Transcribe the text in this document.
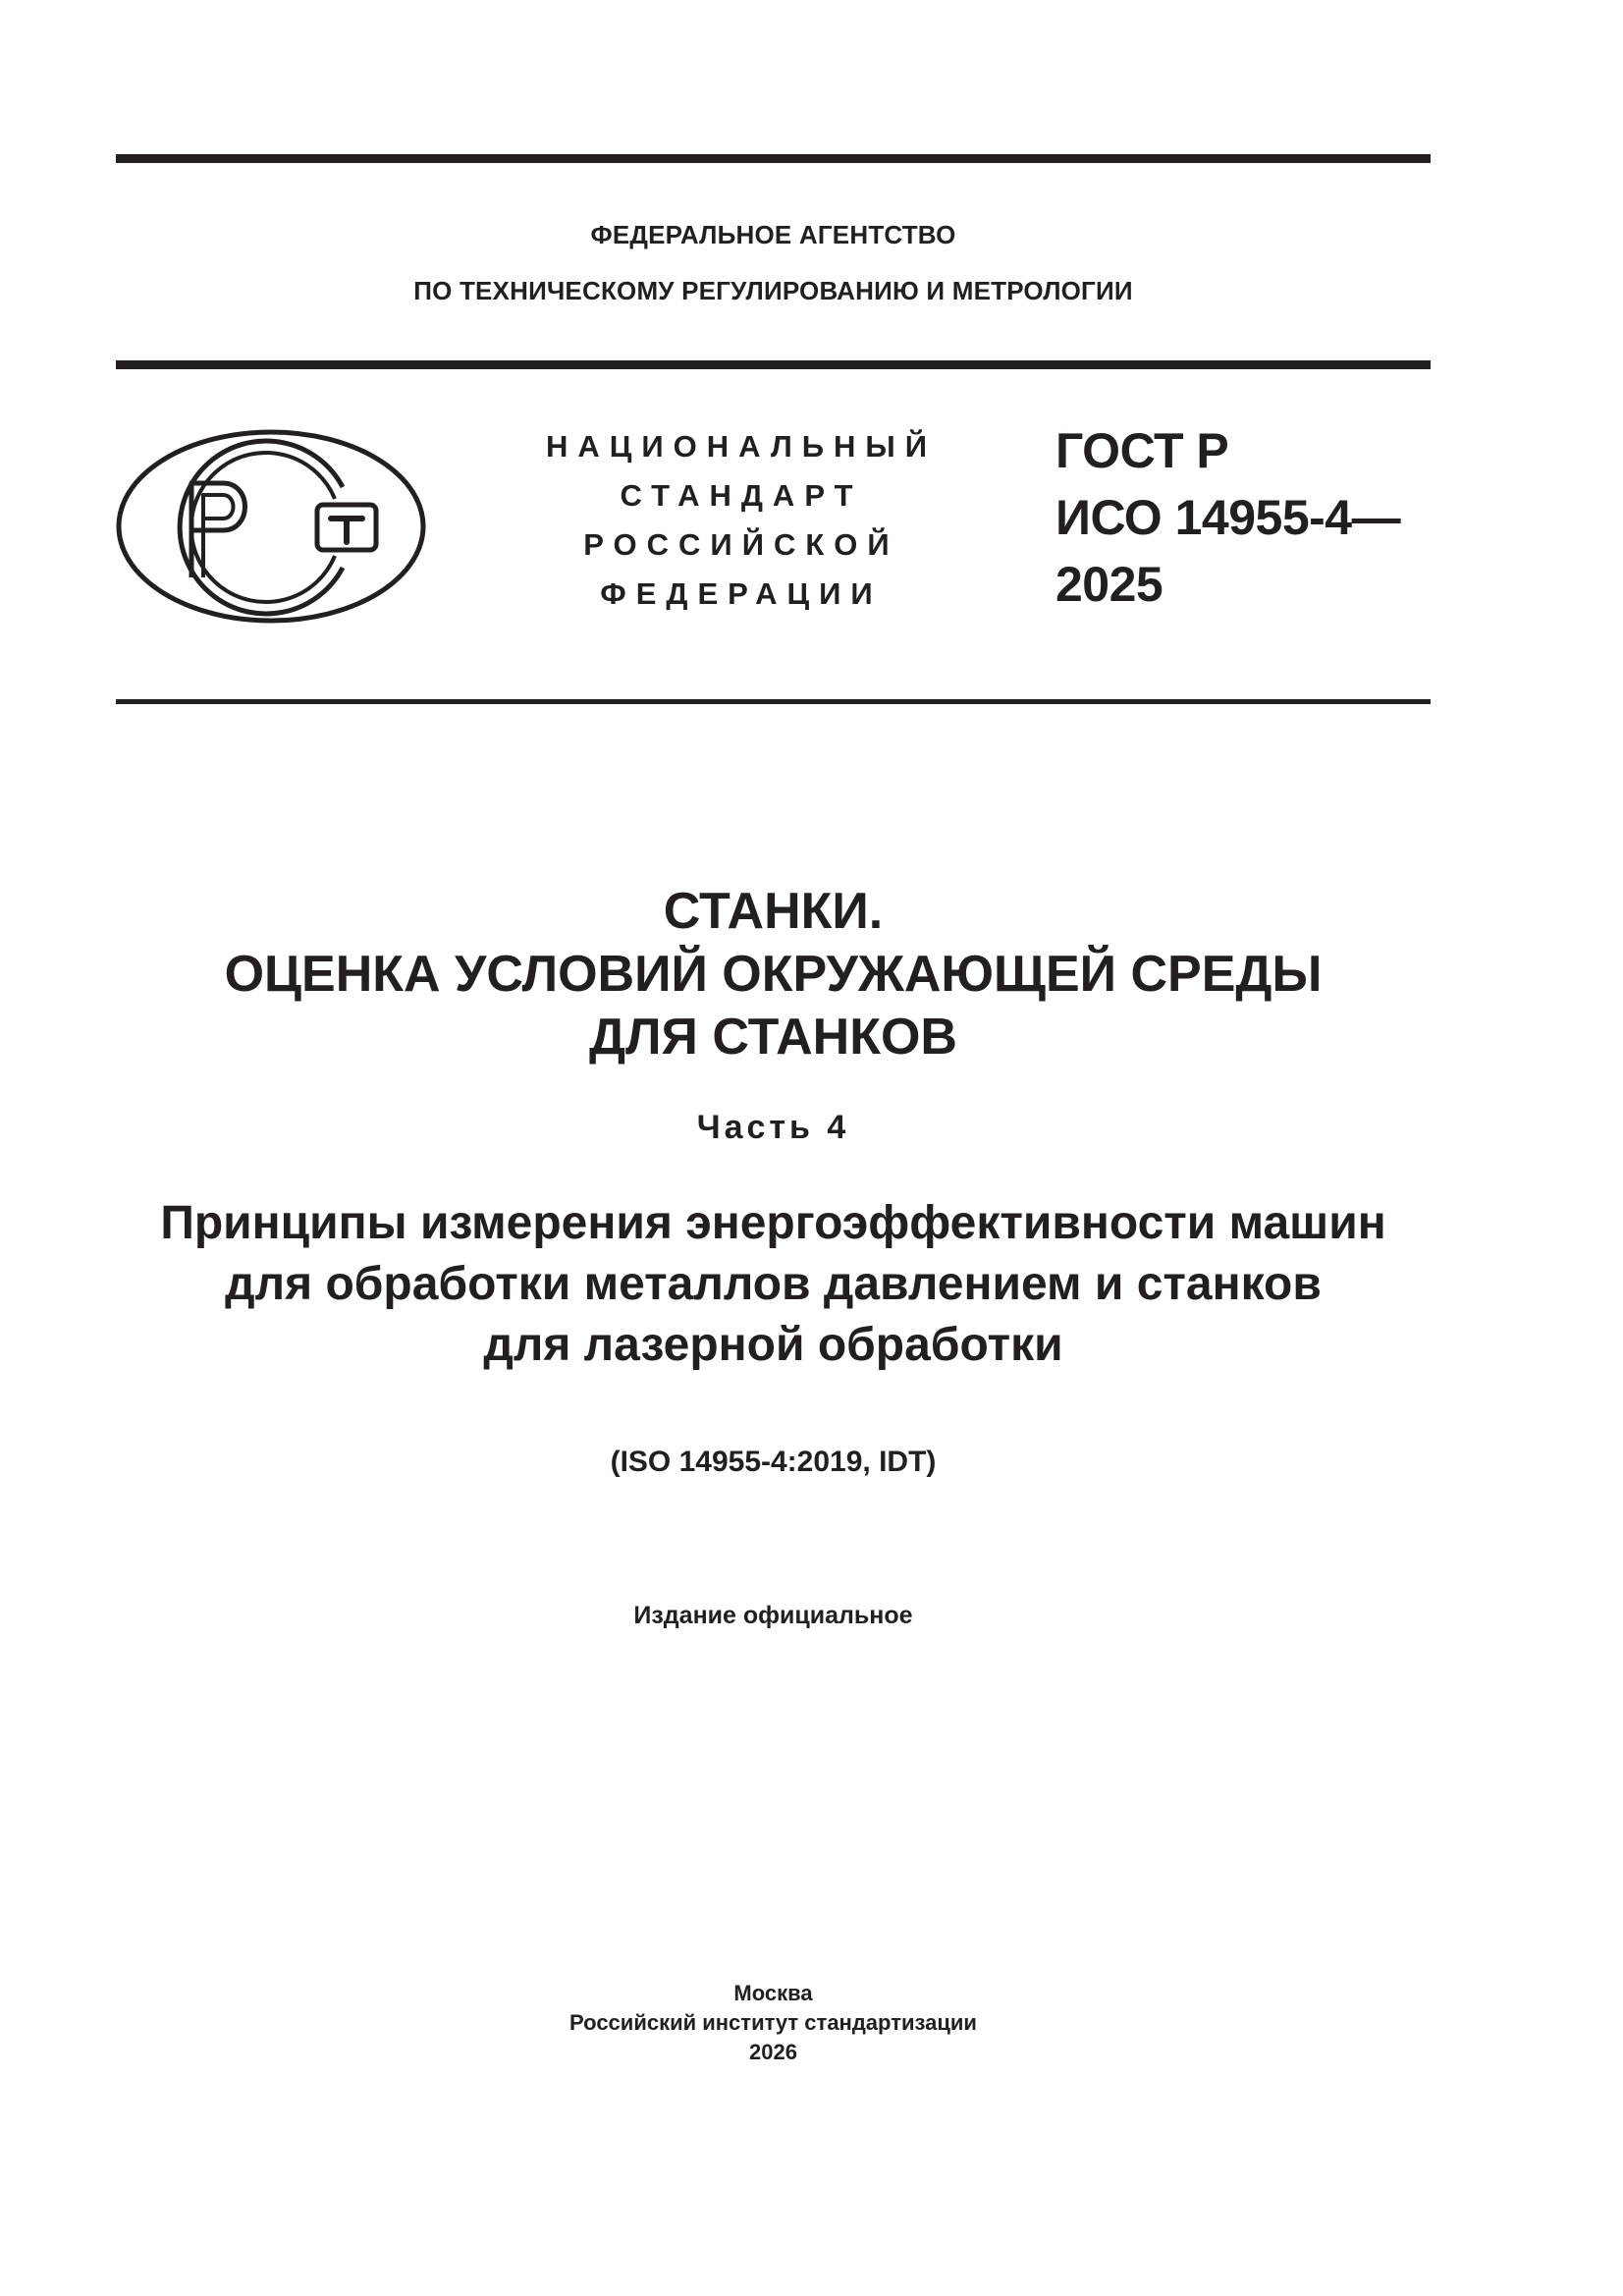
ФЕДЕРАЛЬНОЕ АГЕНТСТВО
ПО ТЕХНИЧЕСКОМУ РЕГУЛИРОВАНИЮ И МЕТРОЛОГИИ
НАЦИОНАЛЬНЫЙ
СТАНДАРТ
РОССИЙСКОЙ
ФЕДЕРАЦИИ
ГОСТ Р
ИСО 14955-4—
2025
СТАНКИ.
ОЦЕНКА УСЛОВИЙ ОКРУЖАЮЩЕЙ СРЕДЫ
ДЛЯ СТАНКОВ
Часть 4
Принципы измерения энергоэффективности машин
для обработки металлов давлением и станков
для лазерной обработки
(ISO 14955-4:2019, IDT)
Издание официальное
Москва
Российский институт стандартизации
2026
